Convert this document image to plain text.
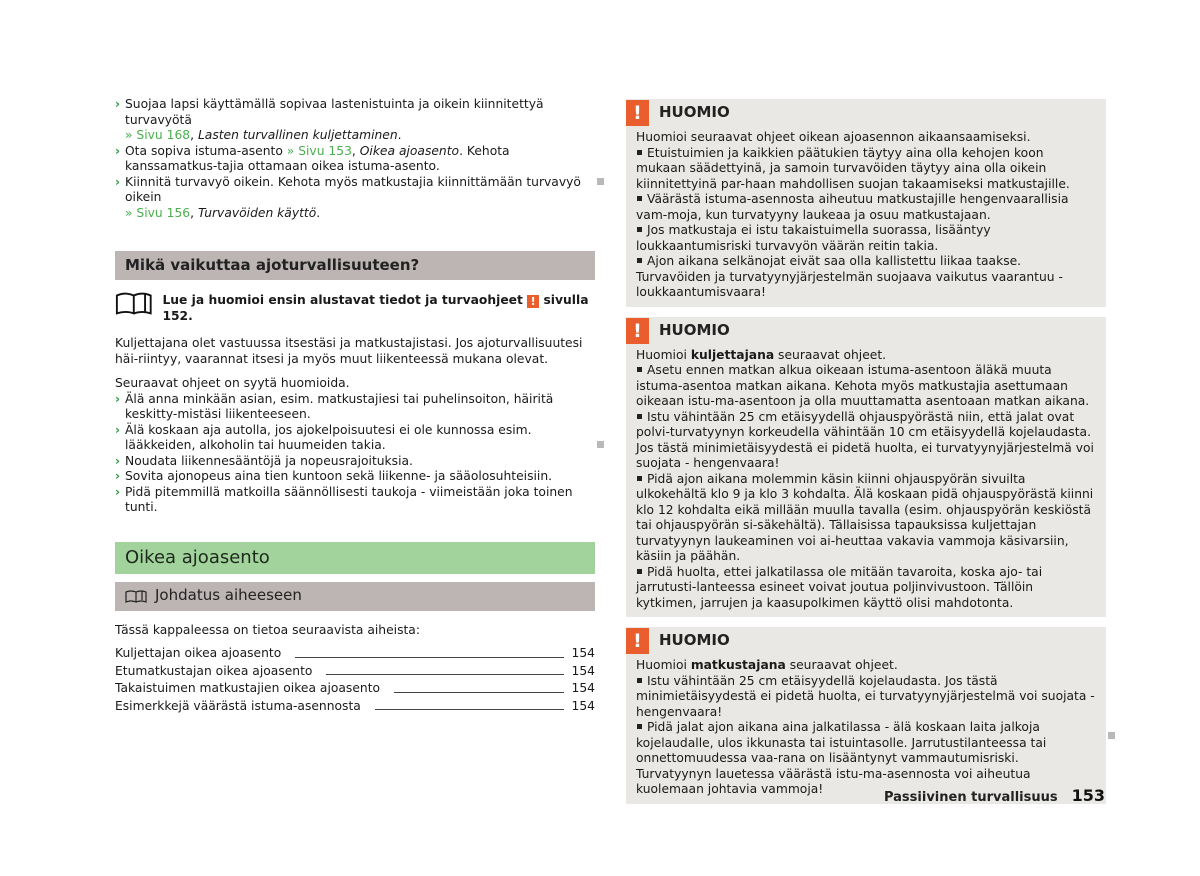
› Suojaa lapsi käyttämällä sopivaa lastenistuinta ja oikein kiinnitettyä turvavyötä
» Sivu 168, Lasten turvallinen kuljettaminen.
› Ota sopiva istuma-asento » Sivu 153, Oikea ajoasento. Kehota kanssamatkus-tajia ottamaan oikea istuma-asento.
› Kiinnitä turvavyö oikein. Kehota myös matkustajia kiinnittämään turvavyö oikein
» Sivu 156, Turvavöiden käyttö.
Mikä vaikuttaa ajoturvallisuuteen?
Lue ja huomioi ensin alustavat tiedot ja turvaohjeet ! sivulla 152.

Kuljettajana olet vastuussa itsestäsi ja matkustajistasi. Jos ajoturvallisuutesi häi-riintyy, vaarannat itsesi ja myös muut liikenteessä mukana olevat.

Seuraavat ohjeet on syytä huomioida.

› Älä anna minkään asian, esim. matkustajiesi tai puhelinsoiton, häiritä keskitty-mistäsi liikenteeseen.
› Älä koskaan aja autolla, jos ajokelpoisuutesi ei ole kunnossa esim. lääkkeiden, alkoholin tai huumeiden takia.
› Noudata liikennesääntöjä ja nopeusrajoituksia.
› Sovita ajonopeus aina tien kuntoon sekä liikenne- ja sääolosuhteisiin.
› Pidä pitemmillä matkoilla säännöllisesti taukoja - viimeistään joka toinen tunti.
Oikea ajoasento
Johdatus aiheeseen

Tässä kappaleessa on tietoa seuraavista aiheista:

Kuljettajan oikea ajoasento	154
Etumatkustajan oikea ajoasento	154
Takaistuimen matkustajien oikea ajoasento	154
Esimerkkejä väärästä istuma-asennosta	154
!	HUOMIO
Huomioi seuraavat ohjeet oikean ajoasennon aikaansaamiseksi.
Etuistuimien ja kaikkien päätukien täytyy aina olla kehojen koon mukaan säädettyinä, ja samoin turvavöiden täytyy aina olla oikein kiinnitettyinä par-haan mahdollisen suojan takaamiseksi matkustajille.
Väärästä istuma-asennosta aiheutuu matkustajille hengenvaarallisia vam-moja, kun turvatyyny laukeaa ja osuu matkustajaan.
Jos matkustaja ei istu takaistuimella suorassa, lisääntyy loukkaantumisriski turvavyön väärän reitin takia.
Ajon aikana selkänojat eivät saa olla kallistettu liikaa taakse. Turvavöiden ja turvatyynyjärjestelmän suojaava vaikutus vaarantuu - loukkaantumisvaara!
!	HUOMIO
Huomioi kuljettajana seuraavat ohjeet.
Asetu ennen matkan alkua oikeaan istuma-asentoon äläkä muuta istuma-asentoa matkan aikana. Kehota myös matkustajia asettumaan oikeaan istu-ma-asentoon ja olla muuttamatta asentoaan matkan aikana.
Istu vähintään 25 cm etäisyydellä ohjauspyörästä niin, että jalat ovat polvi-turvatyynyn korkeudella vähintään 10 cm etäisyydellä kojelaudasta. Jos tästä minimietäisyydestä ei pidetä huolta, ei turvatyynyjärjestelmä voi suojata - hengenvaara!
Pidä ajon aikana molemmin käsin kiinni ohjauspyörän sivuilta ulkokehältä klo 9 ja klo 3 kohdalta. Älä koskaan pidä ohjauspyörästä kiinni klo 12 kohdalta eikä millään muulla tavalla (esim. ohjauspyörän keskiöstä tai ohjauspyörän si-säkehältä). Tällaisissa tapauksissa kuljettajan turvatyynyn laukeaminen voi ai-heuttaa vakavia vammoja käsivarsiin, käsiin ja päähän.
Pidä huolta, ettei jalkatilassa ole mitään tavaroita, koska ajo- tai jarrutusti-lanteessa esineet voivat joutua poljinvivustoon. Tällöin kytkimen, jarrujen ja kaasupolkimen käyttö olisi mahdotonta.
!	HUOMIO
Huomioi matkustajana seuraavat ohjeet.
Istu vähintään 25 cm etäisyydellä kojelaudasta. Jos tästä minimietäisyydestä ei pidetä huolta, ei turvatyynyjärjestelmä voi suojata - hengenvaara!
Pidä jalat ajon aikana aina jalkatilassa - älä koskaan laita jalkoja kojelaudalle, ulos ikkunasta tai istuintasolle. Jarrutustilanteessa tai onnettomuudessa vaa-rana on lisääntynyt vammautumisriski. Turvatyynyn lauetessa väärästä istu-ma-asennosta voi aiheutua kuolemaan johtavia vammoja!
Passiivinen turvallisuus 153
